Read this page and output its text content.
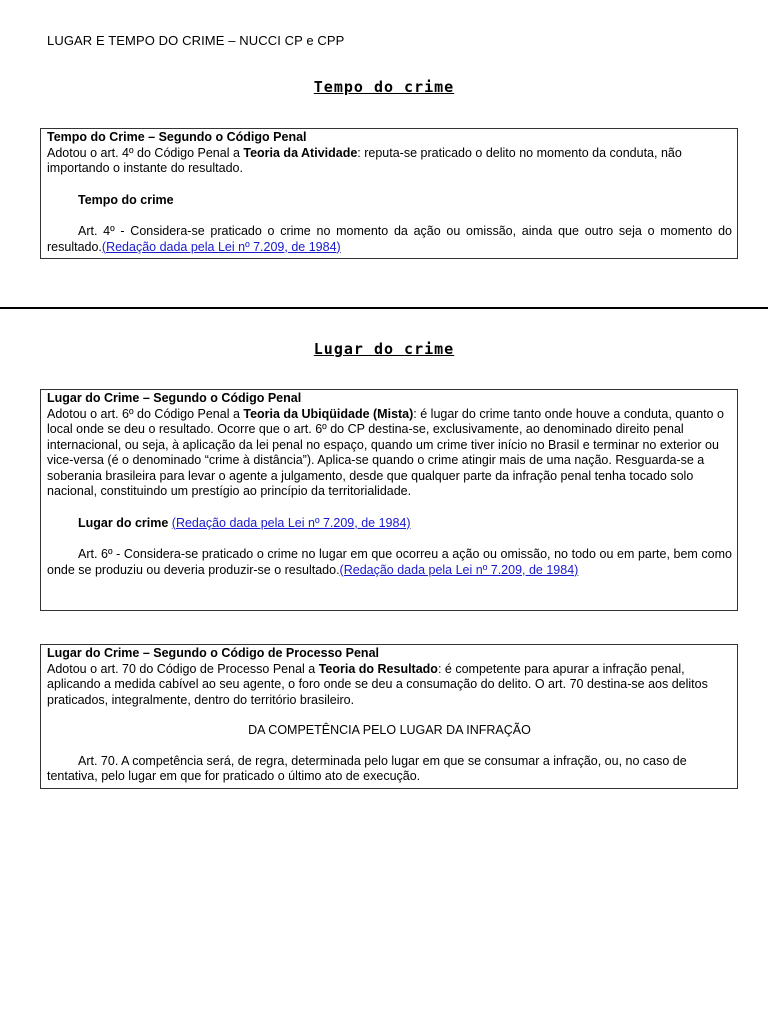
LUGAR E TEMPO DO CRIME – NUCCI CP e CPP
Tempo do crime

Tempo do Crime – Segundo o Código Penal

Adotou o art. 4º do Código Penal a Teoria da Atividade: reputa-se praticado o delito no momento da conduta, não importando o instante do resultado.

Tempo do crime

Art. 4º - Considera-se praticado o crime no momento da ação ou omissão, ainda que outro seja o momento do resultado.(Redação dada pela Lei nº 7.209, de 1984)

Lugar do crime

Lugar do Crime – Segundo o Código Penal

Adotou o art. 6º do Código Penal a Teoria da Ubiqüidade (Mista): é lugar do crime tanto onde houve a conduta, quanto o local onde se deu o resultado. Ocorre que o art. 6º do CP destina-se, exclusivamente, ao denominado direito penal internacional, ou seja, à aplicação da lei penal no espaço, quando um crime tiver início no Brasil e terminar no exterior ou vice-versa (é o denominado “crime à distância”). Aplica-se quando o crime atingir mais de uma nação. Resguarda-se a soberania brasileira para levar o agente a julgamento, desde que qualquer parte da infração penal tenha tocado solo nacional, constituindo um prestígio ao princípio da territorialidade.

Lugar do crime (Redação dada pela Lei nº 7.209, de 1984)

Art. 6º - Considera-se praticado o crime no lugar em que ocorreu a ação ou omissão, no todo ou em parte, bem como onde se produziu ou deveria produzir-se o resultado.(Redação dada pela Lei nº 7.209, de 1984)

Lugar do Crime – Segundo o Código de Processo Penal

Adotou o art. 70 do Código de Processo Penal a Teoria do Resultado: é competente para apurar a infração penal, aplicando a medida cabível ao seu agente, o foro onde se deu a consumação do delito. O art. 70 destina-se aos delitos praticados, integralmente, dentro do território brasileiro.

DA COMPETÊNCIA PELO LUGAR DA INFRAÇÃO

Art. 70. A competência será, de regra, determinada pelo lugar em que se consumar a infração, ou, no caso de tentativa, pelo lugar em que for praticado o último ato de execução.
